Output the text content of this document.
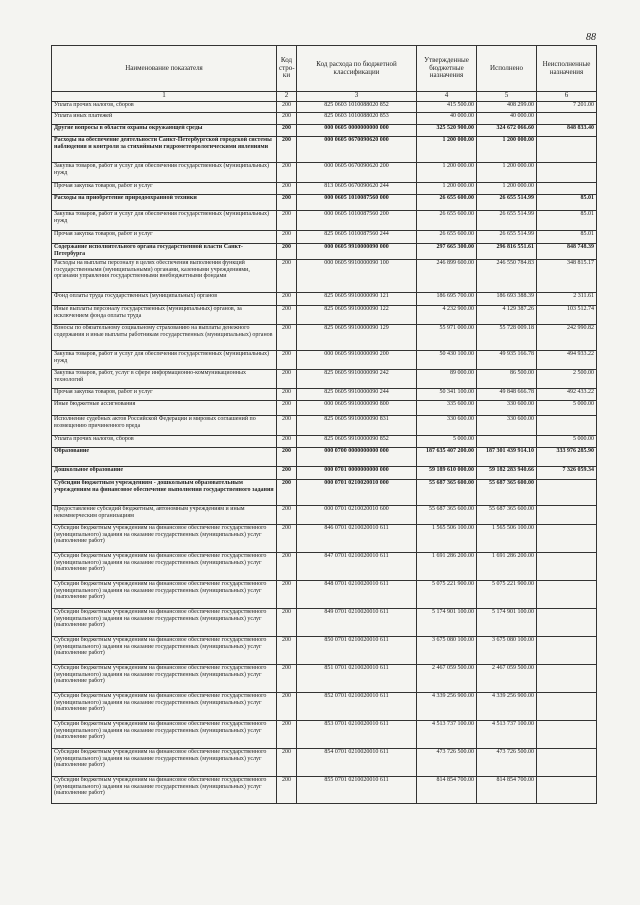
88
Наименование показателя	Код стро-ки	Код расхода по бюджетной классификации	Утвержденные бюджетные назначения	Исполнено	Неисполненные назначения
1	2	3	4	5	6
Уплата прочих налогов, сборов	200	825 0603 1010088020 852	415 500.00	408 299.00	7 201.00
Уплата иных платежей	200	825 0603 1010088020 853	40 000.00	40 000.00	
Другие вопросы в области охраны окружающей среды	200	000 0605 0000000000 000	325 520 900.00	324 672 066.60	848 833.40
Расходы на обеспечение деятельности Санкт-Петербургской городской системы наблюдения и контроля за стихийными гидрометеорологическими явлениями	200	000 0605 0670090620 000	1 200 000.00	1 200 000.00	
Закупка товаров, работ и услуг для обеспечения государственных (муниципальных) нужд	200	000 0605 0670090620 200	1 200 000.00	1 200 000.00	
Прочая закупка товаров, работ и услуг	200	813 0605 0670090620 244	1 200 000.00	1 200 000.00	
Расходы на приобретение природоохранной техники	200	000 0605 1010087560 000	26 655 600.00	26 655 514.99	85.01
Закупка товаров, работ и услуг для обеспечения государственных (муниципальных) нужд	200	000 0605 1010087560 200	26 655 600.00	26 655 514.99	85.01
Прочая закупка товаров, работ и услуг	200	825 0605 1010087560 244	26 655 600.00	26 655 514.99	85.01
Содержание исполнительного органа государственной власти Санкт-Петербурга	200	000 0605 9910000090 000	297 665 300.00	296 816 551.61	848 748.39
Расходы на выплаты персоналу в целях обеспечения выполнения функций государственными (муниципальными) органами, казенными учреждениями, органами управления государственными внебюджетными фондами	200	000 0605 9910000090 100	246 899 600.00	246 550 784.83	348 815.17
Фонд оплаты труда государственных (муниципальных) органов	200	825 0605 9910000090 121	186 695 700.00	186 693 388.39	2 311.61
Иные выплаты персоналу государственных (муниципальных) органов, за исключением фонда оплаты труда	200	825 0605 9910000090 122	4 232 900.00	4 129 387.26	103 512.74
Взносы по обязательному социальному страхованию на выплаты денежного содержания и иные выплаты работникам государственных (муниципальных) органов	200	825 0605 9910000090 129	55 971 000.00	55 728 009.18	242 990.82
Закупка товаров, работ и услуг для обеспечения государственных (муниципальных) нужд	200	000 0605 9910000090 200	50 430 100.00	49 935 166.78	494 933.22
Закупка товаров, работ, услуг в сфере информационно-коммуникационных технологий	200	825 0605 9910000090 242	89 000.00	86 500.00	2 500.00
Прочая закупка товаров, работ и услуг	200	825 0605 9910000090 244	50 341 100.00	49 848 666.78	492 433.22
Иные бюджетные ассигнования	200	000 0605 9910000090 800	335 600.00	330 600.00	5 000.00
Исполнение судебных актов Российской Федерации и мировых соглашений по возмещению причиненного вреда	200	825 0605 9910000090 831	330 600.00	330 600.00	
Уплата прочих налогов, сборов	200	825 0605 9910000090 852	5 000.00		5 000.00
Образование	200	000 0700 0000000000 000	187 635 407 200.00	187 301 439 914.10	333 976 285.90
Дошкольное образование	200	000 0701 0000000000 000	59 189 610 000.00	59 182 283 940.66	7 326 059.34
Субсидии бюджетным учреждениям - дошкольным образовательным учреждениям на финансовое обеспечение выполнения государственного задания	200	000 0701 0210020010 000	55 687 365 600.00	55 687 365 600.00	
Предоставление субсидий бюджетным, автономным учреждениям и иным некоммерческим организациям	200	000 0701 0210020010 600	55 687 365 600.00	55 687 365 600.00	
Субсидии бюджетным учреждениям на финансовое обеспечение государственного (муниципального) задания на оказание государственных (муниципальных) услуг (выполнение работ)	200	846 0701 0210020010 611	1 565 506 100.00	1 565 506 100.00	
Субсидии бюджетным учреждениям на финансовое обеспечение государственного (муниципального) задания на оказание государственных (муниципальных) услуг (выполнение работ)	200	847 0701 0210020010 611	1 691 286 200.00	1 691 286 200.00	
Субсидии бюджетным учреждениям на финансовое обеспечение государственного (муниципального) задания на оказание государственных (муниципальных) услуг (выполнение работ)	200	848 0701 0210020010 611	5 075 221 900.00	5 075 221 900.00	
Субсидии бюджетным учреждениям на финансовое обеспечение государственного (муниципального) задания на оказание государственных (муниципальных) услуг (выполнение работ)	200	849 0701 0210020010 611	5 174 901 100.00	5 174 901 100.00	
Субсидии бюджетным учреждениям на финансовое обеспечение государственного (муниципального) задания на оказание государственных (муниципальных) услуг (выполнение работ)	200	850 0701 0210020010 611	3 675 080 100.00	3 675 080 100.00	
Субсидии бюджетным учреждениям на финансовое обеспечение государственного (муниципального) задания на оказание государственных (муниципальных) услуг (выполнение работ)	200	851 0701 0210020010 611	2 467 059 500.00	2 467 059 500.00	
Субсидии бюджетным учреждениям на финансовое обеспечение государственного (муниципального) задания на оказание государственных (муниципальных) услуг (выполнение работ)	200	852 0701 0210020010 611	4 339 256 900.00	4 339 256 900.00	
Субсидии бюджетным учреждениям на финансовое обеспечение государственного (муниципального) задания на оказание государственных (муниципальных) услуг (выполнение работ)	200	853 0701 0210020010 611	4 513 737 100.00	4 513 737 100.00	
Субсидии бюджетным учреждениям на финансовое обеспечение государственного (муниципального) задания на оказание государственных (муниципальных) услуг (выполнение работ)	200	854 0701 0210020010 611	473 726 500.00	473 726 500.00	
Субсидии бюджетным учреждениям на финансовое обеспечение государственного (муниципального) задания на оказание государственных (муниципальных) услуг (выполнение работ)	200	855 0701 0210020010 611	814 854 700.00	814 854 700.00	
